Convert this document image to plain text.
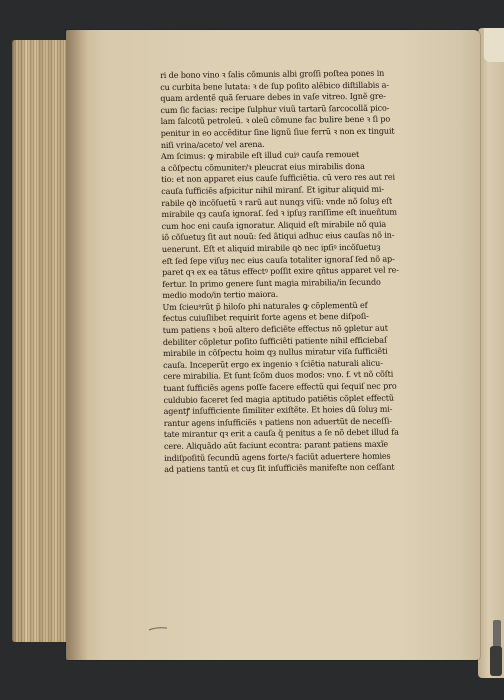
ri de bono vino ꝛ ſalis cõmunis albi groſſi poſtea pones in
cu curbita bene lutata: ꝛ de ſup poſito alẽbico diſtillabis a-
quam ardentẽ quã ſeruare debes in vaſe vitreo. Ignẽ gre-
cum ſic facias: recipe ſulphur viuũ tartarũ ſarcocollã pico-
lam ſalcotũ petroleũ. ꝛ oleũ cõmune fac bulire bene ꝛ ſi po
penitur in eo accẽditur ſine lignũ ſiue ferrũ ꝛ non ex tinguit
niſi vrina/aceto/ vel arena.
Am ſcimus: ꝙ mirabile eſt illud cuiꝰ cauſa remouet
a cõſpectu cõmuniter/ꝛ pleucrat eius mirabilis dona
tio: et non apparet eius cauſe ſufficiẽtia. cũ vero res aut rei
cauſa ſufficiẽs aſpicitur nihil miranſ. Et igitur aliquid mi-
rabile qꝺ incõſuetũ ꝛ rarũ aut nunqȝ viſũ: vnde nõ ſoluȝ eſt
mirabile qȝ cauſa ignoraſ. ſed ꝛ ipſuȝ rariſſime eſt inueñtum
cum hoc eni cauſa ignoratur. Aliquid eſt mirabile nõ quia
iõ cõſuetuȝ ſit aut nouũ: ſed ãtiqui adhuc eius cauſas nõ in-
uenerunt. Eſt et aliquid mirabile qꝺ nec ipſiꝰ incõſuetuȝ
eſt ſed ſepe viſuȝ nec eius cauſa totaliter ignoraſ ſed nõ ap-
paret qꝛ ex ea tãtus effectꝰ poſſit exire qñtus apparet vel re-
fertur. In primo genere ſunt magia mirabilia/in ſecundo
medio modo/in tertio maiora.
Um ſcieuꝰrũt p̃ hiloſo phi naturales ꝙ cõplementũ ef
fectus cuiuſlibet requirit forte agens et bene diſpoſi-
tum patiens ꝛ boũ altero deficiẽte effectus nõ ꝯpletur aut
debiliter cõpletur poſito ſufficiẽti patiente nihil efficiebaſ
mirabile in cõſpectu hoim qȝ nullus miratur viſa ſufficiẽti
cauſa. Inceperũt ergo ex ingenio ꝛ ſciẽtia naturali alicu-
cere mirabilia. Et ſunt ſcõm duos modos: vno. f. vt nõ cõſti
tuant ſufficiẽs agens poſſe facere effectũ qui ſequiſ nec pro
culdubio faceret ſed magia aptitudo patiẽtis cõplet effectũ
agentꝭ inſufficiente ſimiliter exiſtẽte. Et hoies dũ ſoluȝ mi-
rantur agens inſufficiẽs ꝛ patiens non aduertũt de neceſſi-
tate mirantur qꝛ erit a cauſa q̃ penitus a ſe nõ debet illud fa
cere. Aliquãdo aũt faciunt econtra: parant patiens maxĩe
indiſpoſitũ ſecundũ agens forte/ꝛ faciũt aduertere homies
ad patiens tantũ et cuȝ ſit inſufficiẽs manifeſte non ceſſant
